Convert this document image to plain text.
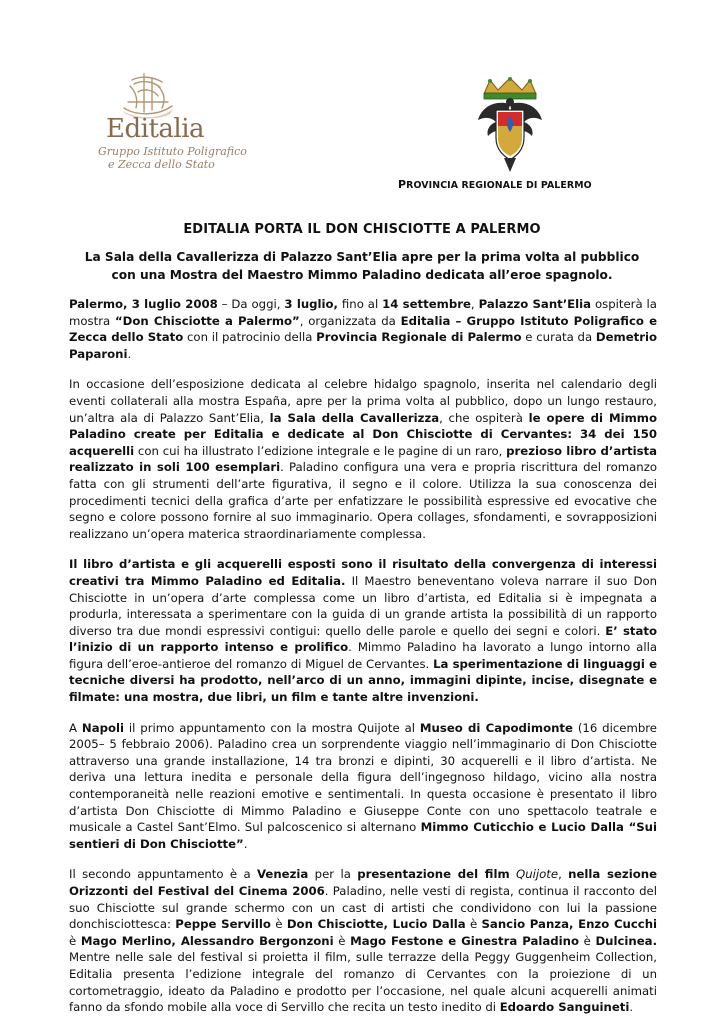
Editalia
Gruppo Istituto Poligrafico
e Zecca dello Stato
PROVINCIA REGIONALE DI PALERMO
EDITALIA PORTA IL DON CHISCIOTTE A PALERMO
La Sala della Cavallerizza di Palazzo Sant’Elia apre per la prima volta al pubblico
con una Mostra del Maestro Mimmo Paladino dedicata all’eroe spagnolo.

Palermo, 3 luglio 2008 – Da oggi, 3 luglio, fino al 14 settembre, Palazzo Sant’Elia ospiterà la mostra “Don Chisciotte a Palermo”, organizzata da Editalia – Gruppo Istituto Poligrafico e Zecca dello Stato con il patrocinio della Provincia Regionale di Palermo e curata da Demetrio Paparoni.

In occasione dell’esposizione dedicata al celebre hidalgo spagnolo, inserita nel calendario degli eventi collaterali alla mostra España, apre per la prima volta al pubblico, dopo un lungo restauro, un’altra ala di Palazzo Sant’Elia, la Sala della Cavallerizza, che ospiterà le opere di Mimmo Paladino create per Editalia e dedicate al Don Chisciotte di Cervantes: 34 dei 150 acquerelli con cui ha illustrato l’edizione integrale e le pagine di un raro, prezioso libro d’artista realizzato in soli 100 esemplari. Paladino configura una vera e propria riscrittura del romanzo fatta con gli strumenti dell’arte figurativa, il segno e il colore. Utilizza la sua conoscenza dei procedimenti tecnici della grafica d’arte per enfatizzare le possibilità espressive ed evocative che segno e colore possono fornire al suo immaginario. Opera collages, sfondamenti, e sovrapposizioni realizzano un’opera materica straordinariamente complessa.

Il libro d’artista e gli acquerelli esposti sono il risultato della convergenza di interessi creativi tra Mimmo Paladino ed Editalia. Il Maestro beneventano voleva narrare il suo Don Chisciotte in un’opera d’arte complessa come un libro d’artista, ed Editalia si è impegnata a produrla, interessata a sperimentare con la guida di un grande artista la possibilità di un rapporto diverso tra due mondi espressivi contigui: quello delle parole e quello dei segni e colori. E’ stato l’inizio di un rapporto intenso e prolifico. Mimmo Paladino ha lavorato a lungo intorno alla figura dell’eroe-antieroe del romanzo di Miguel de Cervantes. La sperimentazione di linguaggi e tecniche diversi ha prodotto, nell’arco di un anno, immagini dipinte, incise, disegnate e filmate: una mostra, due libri, un film e tante altre invenzioni.

A Napoli il primo appuntamento con la mostra Quijote al Museo di Capodimonte (16 dicembre 2005– 5 febbraio 2006). Paladino crea un sorprendente viaggio nell’immaginario di Don Chisciotte attraverso una grande installazione, 14 tra bronzi e dipinti, 30 acquerelli e il libro d’artista. Ne deriva una lettura inedita e personale della figura dell’ingegnoso hildago, vicino alla nostra contemporaneità nelle reazioni emotive e sentimentali. In questa occasione è presentato il libro d’artista Don Chisciotte di Mimmo Paladino e Giuseppe Conte con uno spettacolo teatrale e musicale a Castel Sant’Elmo. Sul palcoscenico si alternano Mimmo Cuticchio e Lucio Dalla “Sui sentieri di Don Chisciotte”.

Il secondo appuntamento è a Venezia per la presentazione del film Quijote, nella sezione Orizzonti del Festival del Cinema 2006. Paladino, nelle vesti di regista, continua il racconto del suo Chisciotte sul grande schermo con un cast di artisti che condividono con lui la passione donchisciottesca: Peppe Servillo è Don Chisciotte, Lucio Dalla è Sancio Panza, Enzo Cucchi è Mago Merlino, Alessandro Bergonzoni è Mago Festone e Ginestra Paladino è Dulcinea. Mentre nelle sale del festival si proietta il film, sulle terrazze della Peggy Guggenheim Collection, Editalia presenta l’edizione integrale del romanzo di Cervantes con la proiezione di un cortometraggio, ideato da Paladino e prodotto per l’occasione, nel quale alcuni acquerelli animati fanno da sfondo mobile alla voce di Servillo che recita un testo inedito di Edoardo Sanguineti.
